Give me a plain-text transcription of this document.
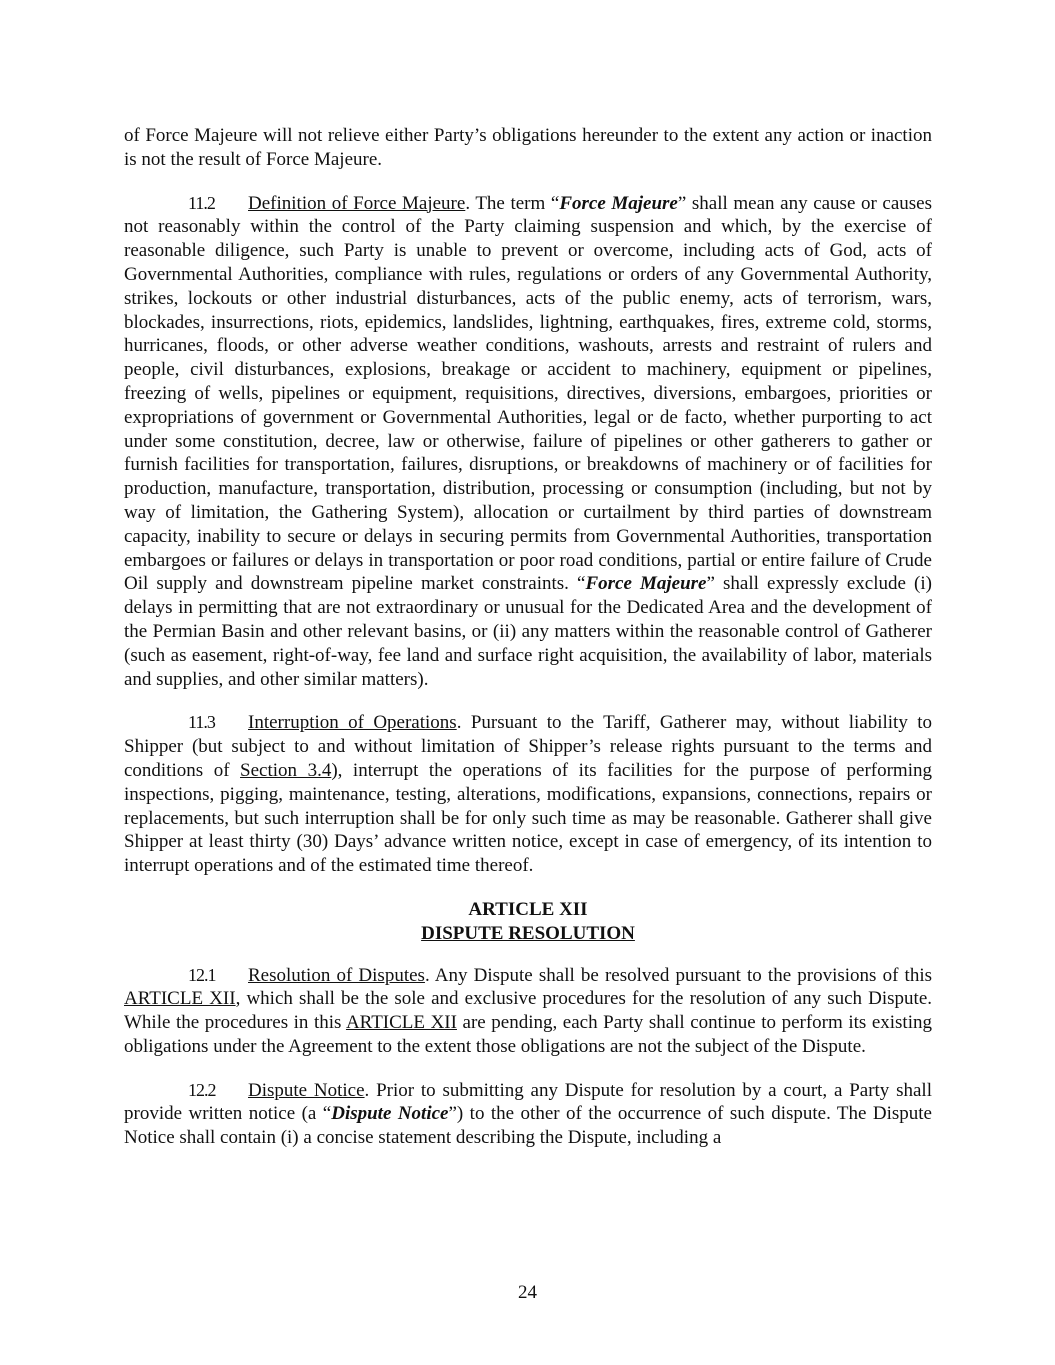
of Force Majeure will not relieve either Party’s obligations hereunder to the extent any action or inaction is not the result of Force Majeure.

11.2 Definition of Force Majeure. The term “Force Majeure” shall mean any cause or causes not reasonably within the control of the Party claiming suspension and which, by the exercise of reasonable diligence, such Party is unable to prevent or overcome, including acts of God, acts of Governmental Authorities, compliance with rules, regulations or orders of any Governmental Authority, strikes, lockouts or other industrial disturbances, acts of the public enemy, acts of terrorism, wars, blockades, insurrections, riots, epidemics, landslides, lightning, earthquakes, fires, extreme cold, storms, hurricanes, floods, or other adverse weather conditions, washouts, arrests and restraint of rulers and people, civil disturbances, explosions, breakage or accident to machinery, equipment or pipelines, freezing of wells, pipelines or equipment, requisitions, directives, diversions, embargoes, priorities or expropriations of government or Governmental Authorities, legal or de facto, whether purporting to act under some constitution, decree, law or otherwise, failure of pipelines or other gatherers to gather or furnish facilities for transportation, failures, disruptions, or breakdowns of machinery or of facilities for production, manufacture, transportation, distribution, processing or consumption (including, but not by way of limitation, the Gathering System), allocation or curtailment by third parties of downstream capacity, inability to secure or delays in securing permits from Governmental Authorities, transportation embargoes or failures or delays in transportation or poor road conditions, partial or entire failure of Crude Oil supply and downstream pipeline market constraints. “Force Majeure” shall expressly exclude (i) delays in permitting that are not extraordinary or unusual for the Dedicated Area and the development of the Permian Basin and other relevant basins, or (ii) any matters within the reasonable control of Gatherer (such as easement, right-of-way, fee land and surface right acquisition, the availability of labor, materials and supplies, and other similar matters).

11.3 Interruption of Operations. Pursuant to the Tariff, Gatherer may, without liability to Shipper (but subject to and without limitation of Shipper’s release rights pursuant to the terms and conditions of Section 3.4), interrupt the operations of its facilities for the purpose of performing inspections, pigging, maintenance, testing, alterations, modifications, expansions, connections, repairs or replacements, but such interruption shall be for only such time as may be reasonable. Gatherer shall give Shipper at least thirty (30) Days’ advance written notice, except in case of emergency, of its intention to interrupt operations and of the estimated time thereof.

ARTICLE XII

DISPUTE RESOLUTION

12.1 Resolution of Disputes. Any Dispute shall be resolved pursuant to the provisions of this ARTICLE XII, which shall be the sole and exclusive procedures for the resolution of any such Dispute. While the procedures in this ARTICLE XII are pending, each Party shall continue to perform its existing obligations under the Agreement to the extent those obligations are not the subject of the Dispute.

12.2 Dispute Notice. Prior to submitting any Dispute for resolution by a court, a Party shall provide written notice (a “Dispute Notice”) to the other of the occurrence of such dispute. The Dispute Notice shall contain (i) a concise statement describing the Dispute, including a

24
